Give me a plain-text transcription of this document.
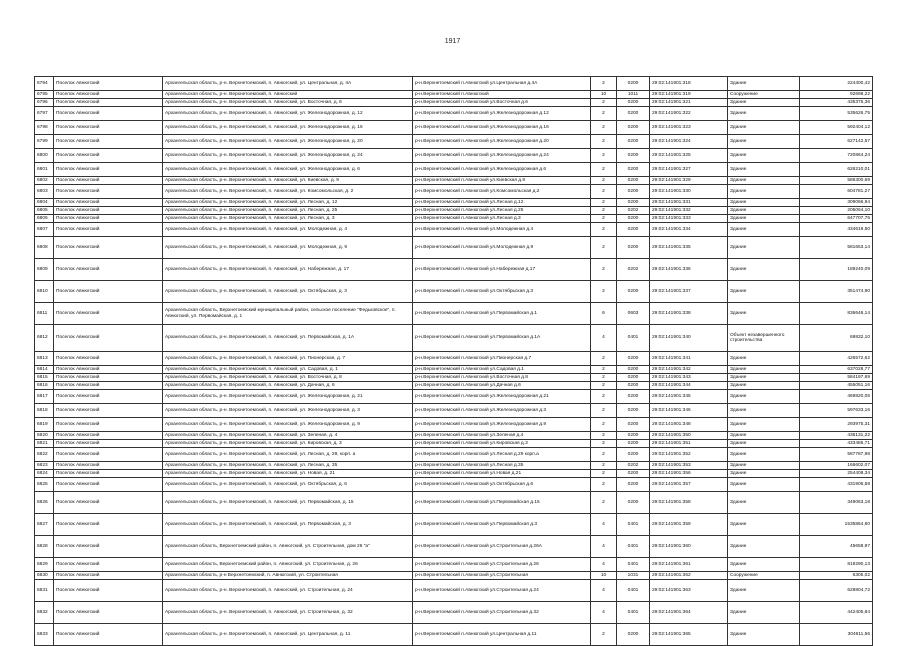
1917
6794	Поселок Авнюгский	Архангельская область, р-н. Верхнетоемский, п. Авнюгский, ул. Центральная, д. 4А	р-н.Верхнетоемский п.Авнюгский ул.Центральная д.4А	2	0200	29:02:141901:318	Здание	224400,42
6795	Поселок Авнюгский	Архангельская область, р-н. Верхнетоемский, п. Авнюгский	р-н.Верхнетоемский п.Авнюгский	10	1011	29:02:141901:319	Сооружение	92698,22
6796	Поселок Авнюгский	Архангельская область, р-н. Верхнетоемский, п. Авнюгский, ул. Восточная, д. 6	р-н.Верхнетоемский п.Авнюгский ул.Восточная д.6	2	0200	29:02:141901:321	Здание	435375,36
6797	Поселок Авнюгский	Архангельская область, р-н. Верхнетоемский, п. Авнюгский, ул. Железнодорожная, д. 12	р-н.Верхнетоемский п.Авнюгский ул.Железнодорожная д.12	2	0200	29:02:141901:322	Здание	535626,75
6798	Поселок Авнюгский	Архангельская область, р-н. Верхнетоемский, п. Авнюгский, ул. Железнодорожная, д. 16	р-н.Верхнетоемский п.Авнюгский ул.Железнодорожная д.16	2	0200	29:02:141901:323	Здание	592404,12
6799	Поселок Авнюгский	Архангельская область, р-н. Верхнетоемский, п. Авнюгский, ул. Железнодорожная, д. 20	р-н.Верхнетоемский п.Авнюгский ул.Железнодорожная д.20	2	0200	29:02:141901:324	Здание	627142,57
6800	Поселок Авнюгский	Архангельская область, р-н. Верхнетоемский, п. Авнюгский, ул. Железнодорожная, д. 24	р-н.Верхнетоемский п.Авнюгский ул.Железнодорожная д.24	2	0200	29:02:141901:325	Здание	720864,24
6801	Поселок Авнюгский	Архангельская область, р-н. Верхнетоемский, п. Авнюгский, ул. Железнодорожная, д. 6	р-н.Верхнетоемский п.Авнюгский ул.Железнодорожная д.6	2	0200	29:02:141901:327	Здание	626210,01
6802	Поселок Авнюгский	Архангельская область, р-н. Верхнетоемский, п. Авнюгский, ул. Киевская, д. 9	р-н.Верхнетоемский п.Авнюгский ул.Киевская д.9	2	0200	29:02:141901:329	Здание	586300,69
6803	Поселок Авнюгский	Архангельская область, р-н. Верхнетоемский, п. Авнюгский, ул. Комсомольская, д. 2	р-н.Верхнетоемский п.Авнюгский ул.Комсомольская д.2	2	0200	29:02:141901:330	Здание	604781,27
6804	Поселок Авнюгский	Архангельская область, р-н. Верхнетоемский, п. Авнюгский, ул. Лесная, д. 12	р-н.Верхнетоемский п.Авнюгский ул.Лесная д.12	2	0200	29:02:141901:331	Здание	309066,94
6805	Поселок Авнюгский	Архангельская область, р-н. Верхнетоемский, п. Авнюгский, ул. Лесная, д. 25	р-н.Верхнетоемский п.Авнюгский ул.Лесная д.25	2	0202	29:02:141901:332	Здание	205064,10
6806	Поселок Авнюгский	Архангельская область, р-н. Верхнетоемский, п. Авнюгский, ул. Лесная, д. 3	р-н.Верхнетоемский п.Авнюгский ул.Лесная д.3	2	0200	29:02:141901:333	Здание	647707,75
6807	Поселок Авнюгский	Архангельская область, р-н. Верхнетоемский, п. Авнюгский, ул. Молодежная, д. 4	р-н.Верхнетоемский п.Авнюгский ул.Молодежная д.4	2	0200	29:02:141901:334	Здание	434619,50
6808	Поселок Авнюгский	Архангельская область, р-н. Верхнетоемский, п. Авнюгский, ул. Молодежная, д. 9	р-н.Верхнетоемский п.Авнюгский ул.Молодежная д.9	2	0200	29:02:141901:335	Здание	581653,14
6809	Поселок Авнюгский	Архангельская область, р-н. Верхнетоемский, п. Авнюгский, ул. Набережная, д. 17	р-н.Верхнетоемский п.Авнюгский ул.Набережная д.17	2	0202	29:02:141901:336	Здание	189240,09
6810	Поселок Авнюгский	Архангельская область, р-н. Верхнетоемский, п. Авнюгский, ул. Октябрьская, д. 3	р-н.Верхнетоемский п.Авнюгский ул.Октябрьская д.3	2	0200	29:02:141901:337	Здание	351474,90
6811	Поселок Авнюгский	Архангельская область, Верхнетоемский муниципальный район, сельское поселение "Федьковское", п. Авнюгский, ул. Первомайская, д. 1	р-н.Верхнетоемский п.Авнюгский ул.Первомайская д.1	6	0603	29:02:141901:338	Здание	836646,14
6812	Поселок Авнюгский	Архангельская область, р-н. Верхнетоемский, п. Авнюгский, ул. Первомайская, д. 1А	р-н.Верхнетоемский п.Авнюгский ул.Первомайская д.1А	4	0401	29:02:141901:340	Объект незавершенного строительства	69832,10
6813	Поселок Авнюгский	Архангельская область, р-н. Верхнетоемский, п. Авнюгский, ул. Пионерская, д. 7	р-н.Верхнетоемский п.Авнюгский ул.Пионерская д.7	2	0200	29:02:141901:341	Здание	426572,62
6814	Поселок Авнюгский	Архангельская область, р-н. Верхнетоемский, п. Авнюгский, ул. Садовая, д. 1	р-н.Верхнетоемский п.Авнюгский ул.Садовая д.1	2	0200	29:02:141901:342	Здание	637028,77
6815	Поселок Авнюгский	Архангельская область, р-н. Верхнетоемский, п. Авнюгский, ул. Восточная, д. 8	р-н.Верхнетоемский п.Авнюгский ул.Восточная д.8	2	0200	29:02:141901:343	Здание	584197,69
6816	Поселок Авнюгский	Архангельская область, р-н. Верхнетоемский, п. Авнюгский, ул. Дачная, д. 6	р-н.Верхнетоемский п.Авнюгский ул.Дачная д.6	2	0200	29:02:141901:344	Здание	455051,16
6817	Поселок Авнюгский	Архангельская область, р-н. Верхнетоемский, п. Авнюгский, ул. Железнодорожная, д. 21	р-н.Верхнетоемский п.Авнюгский ул.Железнодорожная д.21	2	0200	29:02:141901:345	Здание	469820,05
6818	Поселок Авнюгский	Архангельская область, р-н. Верхнетоемский, п. Авнюгский, ул. Железнодорожная, д. 3	р-н.Верхнетоемский п.Авнюгский ул.Железнодорожная д.3	2	0200	29:02:141901:346	Здание	597633,16
6819	Поселок Авнюгский	Архангельская область, р-н. Верхнетоемский, п. Авнюгский, ул. Железнодорожная, д. 9	р-н.Верхнетоемский п.Авнюгский ул.Железнодорожная д.9	2	0200	29:02:141901:348	Здание	293975,31
6820	Поселок Авнюгский	Архангельская область, р-н. Верхнетоемский, п. Авнюгский, ул. Зеленая, д. 4	р-н.Верхнетоемский п.Авнюгский ул.Зеленая д.4	2	0200	29:02:141901:350	Здание	436131,22
6821	Поселок Авнюгский	Архангельская область, р-н. Верхнетоемский, п. Авнюгский, ул. Кировская, д. 3	р-н.Верхнетоемский п.Авнюгский ул.Кировская д.3	2	0200	29:02:141901:351	Здание	433485,71
6822	Поселок Авнюгский	Архангельская область, р-н. Верхнетоемский, п. Авнюгский, ул. Лесная, д. 29, корп. а	р-н.Верхнетоемский п.Авнюгский ул.Лесная д.29 корп.а	2	0200	29:02:141901:352	Здание	587787,98
6823	Поселок Авнюгский	Архангельская область, р-н. Верхнетоемский, п. Авнюгский, ул. Лесная, д. 35	р-н.Верхнетоемский п.Авнюгский ул.Лесная д.35	2	0202	29:02:141901:353	Здание	166602,07
6824	Поселок Авнюгский	Архангельская область, р-н. Верхнетоемский, п. Авнюгский, ул. Новая, д. 21	р-н.Верхнетоемский п.Авнюгский ул.Новая д.21	2	0200	29:02:141901:356	Здание	254408,34
6825	Поселок Авнюгский	Архангельская область, р-н. Верхнетоемский, п. Авнюгский, ул. Октябрьская, д. 6	р-н.Верхнетоемский п.Авнюгский ул.Октябрьская д.6	2	0200	29:02:141901:357	Здание	431906,58
6826	Поселок Авнюгский	Архангельская область, р-н. Верхнетоемский, п. Авнюгский, ул. Первомайская, д. 15	р-н.Верхнетоемский п.Авнюгский ул.Первомайская д.15	2	0200	29:02:141901:358	Здание	349063,18
6827	Поселок Авнюгский	Архангельская область, р-н. Верхнетоемский, п. Авнюгский, ул. Первомайская, д. 3	р-н.Верхнетоемский п.Авнюгский ул.Первомайская д.3	4	0401	29:02:141901:359	Здание	1535864,60
6828	Поселок Авнюгский	Архангельская область, Верхнетоемский район, п. Авнюгский, ул. Строительная, дом 26 "а"	р-н.Верхнетоемский п.Авнюгский ул.Строительная д.26А	4	0401	29:02:141901:360	Здание	45658,97
6829	Поселок Авнюгский	Архангельская область, Верхнетоемский район, п. Авнюгский, ул. Строительная, д. 26	р-н.Верхнетоемский п.Авнюгский ул.Строительная д.26	4	0401	29:02:141901:361	Здание	819290,13
6830	Поселок Авнюгский	Архангельская область, р-н Верхнетоемский, п. Авнюгский, ул. Строительная	р-н.Верхнетоемский п.Авнюгский ул.Строительная	10	1031	29:02:141901:362	Сооружение	6305,02
6831	Поселок Авнюгский	Архангельская область, р-н. Верхнетоемский, п. Авнюгский, ул. Строительная, д. 24	р-н.Верхнетоемский п.Авнюгский ул.Строительная д.24	4	0401	29:02:141901:363	Здание	628804,72
6832	Поселок Авнюгский	Архангельская область, р-н. Верхнетоемский, п. Авнюгский, ул. Строительная, д. 32	р-н.Верхнетоемский п.Авнюгский ул.Строительная д.32	4	0401	29:02:141901:364	Здание	442405,84
6833	Поселок Авнюгский	Архангельская область, р-н. Верхнетоемский, п. Авнюгский, ул. Центральная, д. 11	р-н.Верхнетоемский п.Авнюгский ул.Центральная д.11	2	0200	29:02:141901:365	Здание	304611,56
